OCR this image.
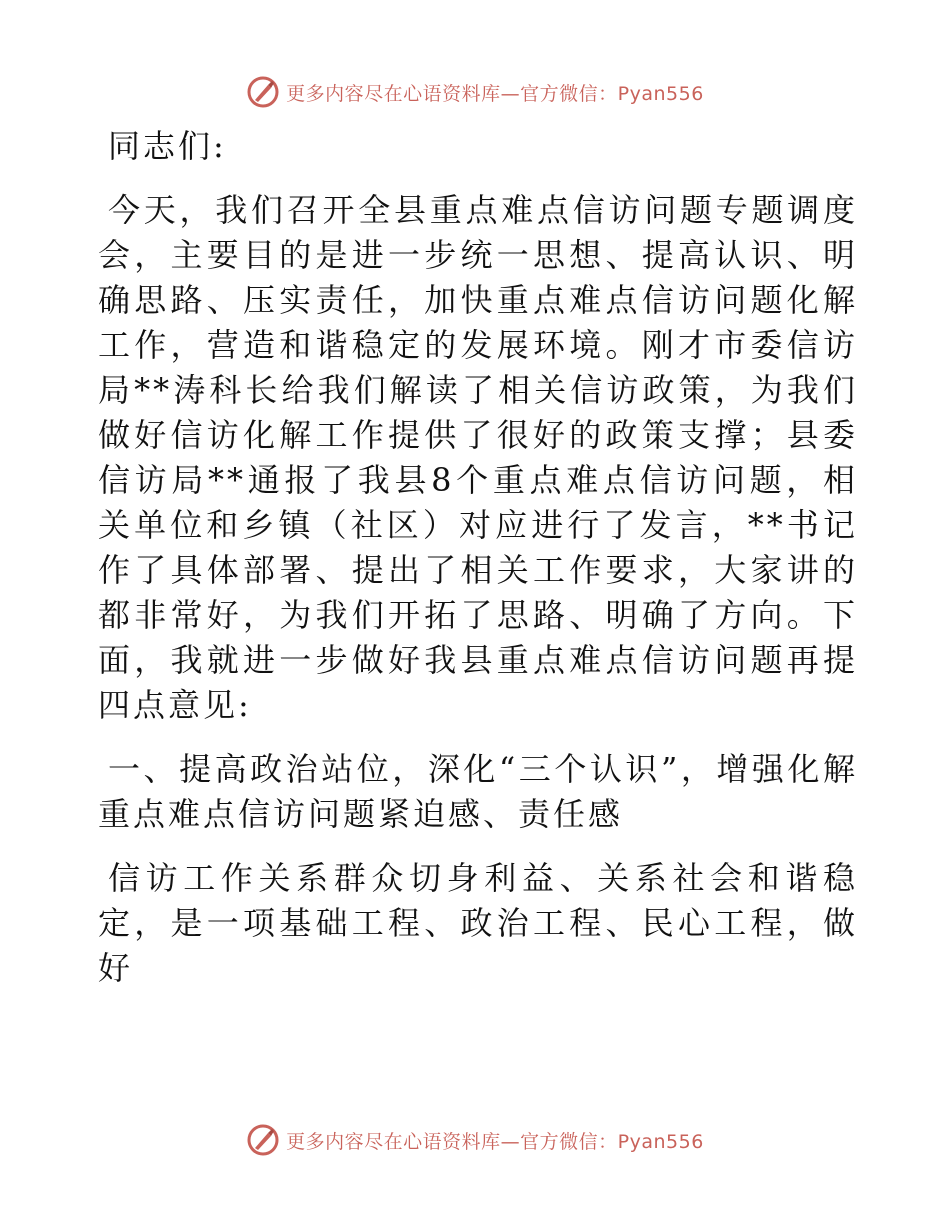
更多内容尽在心语资料库—官方微信：Pyan556

同志们:

今天，我们召开全县重点难点信访问题专题调度会，主要目的是进一步统一思想、提高认识、明确思路、压实责任，加快重点难点信访问题化解工作，营造和谐稳定的发展环境。刚才市委信访局**涛科长给我们解读了相关信访政策，为我们做好信访化解工作提供了很好的政策支撑；县委信访局**通报了我县8个重点难点信访问题，相关单位和乡镇（社区）对应进行了发言，**书记作了具体部署、提出了相关工作要求，大家讲的都非常好，为我们开拓了思路、明确了方向。下面，我就进一步做好我县重点难点信访问题再提四点意见:

一、提高政治站位，深化“三个认识”，增强化解重点难点信访问题紧迫感、责任感

信访工作关系群众切身利益、关系社会和谐稳定，是一项基础工程、政治工程、民心工程，做好

更多内容尽在心语资料库—官方微信：Pyan556
